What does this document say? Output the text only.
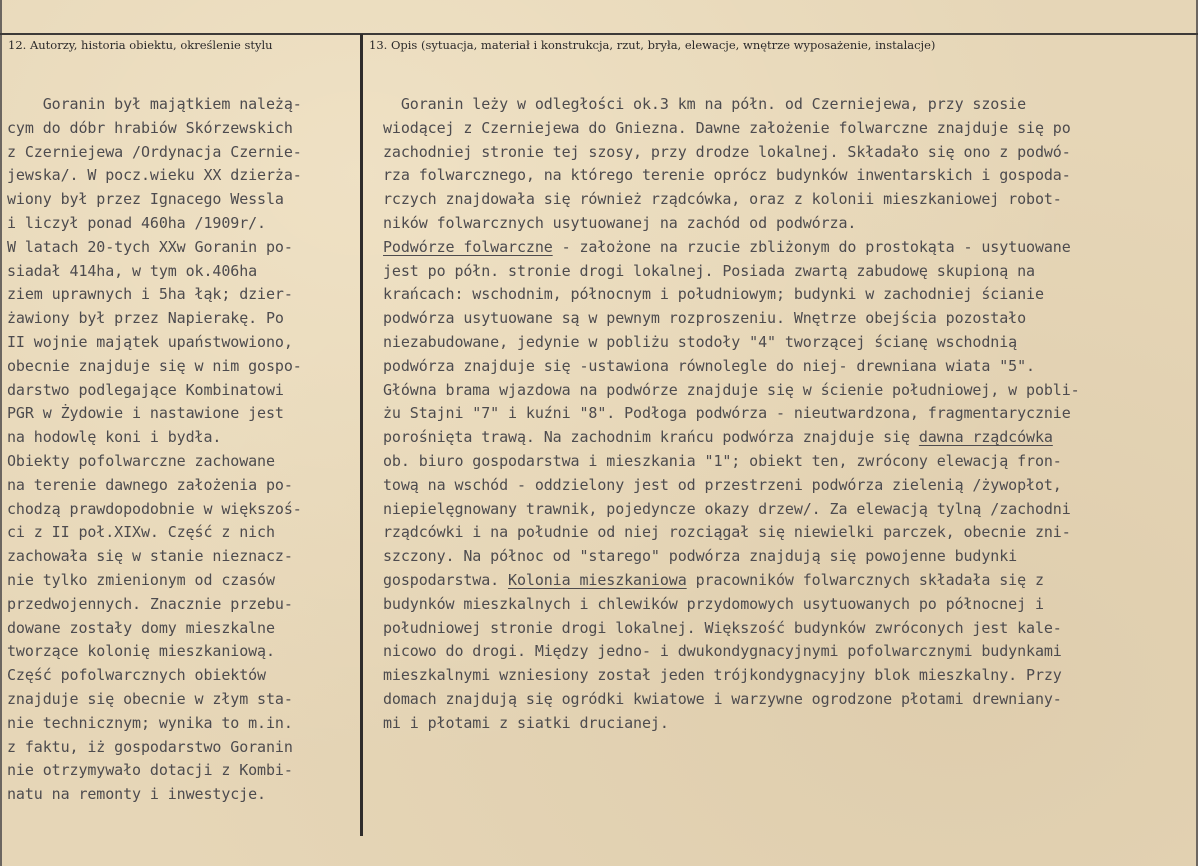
12. Autorzy, historia obiektu, określenie stylu	13. Opis (sytuacja, materiał i konstrukcja, rzut, bryła, elewacje, wnętrze wyposażenie, instalacje)
Goranin był majątkiem należą-
cym do dóbr hrabiów Skórzewskich
z Czerniejewa /Ordynacja Czernie-
jewska/. W pocz.wieku XX dzierża-
wiony był przez Ignacego Wessla
i liczył ponad 460ha /1909r/.
W latach 20-tych XXw Goranin po-
siadał 414ha, w tym ok.406ha
ziem uprawnych i 5ha łąk; dzier-
żawiony był przez Napierakę. Po
II wojnie majątek upaństwowiono,
obecnie znajduje się w nim gospo-
darstwo podlegające Kombinatowi
PGR w Żydowie i nastawione jest
na hodowlę koni i bydła.
Obiekty pofolwarczne zachowane
na terenie dawnego założenia po-
chodzą prawdopodobnie w większoś-
ci z II poł.XIXw. Część z nich
zachowała się w stanie nieznacz-
nie tylko zmienionym od czasów
przedwojennych. Znacznie przebu-
dowane zostały domy mieszkalne
tworzące kolonię mieszkaniową.
Część pofolwarcznych obiektów
znajduje się obecnie w złym sta-
nie technicznym; wynika to m.in.
z faktu, iż gospodarstwo Goranin
nie otrzymywało dotacji z Kombi-
natu na remonty i inwestycje.
Goranin leży w odległości ok.3 km na półn. od Czerniejewa, przy szosie
wiodącej z Czerniejewa do Gniezna. Dawne założenie folwarczne znajduje się po
zachodniej stronie tej szosy, przy drodze lokalnej. Składało się ono z podwó-
rza folwarcznego, na którego terenie oprócz budynków inwentarskich i gospoda-
rczych znajdowała się również rządcówka, oraz z kolonii mieszkaniowej robot-
ników folwarcznych usytuowanej na zachód od podwórza.
Podwórze folwarczne - założone na rzucie zbliżonym do prostokąta - usytuowane
jest po półn. stronie drogi lokalnej. Posiada zwartą zabudowę skupioną na
krańcach: wschodnim, północnym i południowym; budynki w zachodniej ścianie
podwórza usytuowane są w pewnym rozproszeniu. Wnętrze obejścia pozostało
niezabudowane, jedynie w pobliżu stodoły "4" tworzącej ścianę wschodnią
podwórza znajduje się -ustawiona równolegle do niej- drewniana wiata "5".
Główna brama wjazdowa na podwórze znajduje się w ścienie południowej, w pobli-
żu Stajni "7" i kuźni "8". Podłoga podwórza - nieutwardzona, fragmentarycznie
porośnięta trawą. Na zachodnim krańcu podwórza znajduje się dawna rządcówka
ob. biuro gospodarstwa i mieszkania "1"; obiekt ten, zwrócony elewacją fron-
tową na wschód - oddzielony jest od przestrzeni podwórza zielenią /żywopłot,
niepielęgnowany trawnik, pojedyncze okazy drzew/. Za elewacją tylną /zachodni
rządcówki i na południe od niej rozciągał się niewielki parczek, obecnie zni-
szczony. Na północ od "starego" podwórza znajdują się powojenne budynki
gospodarstwa. Kolonia mieszkaniowa pracowników folwarcznych składała się z
budynków mieszkalnych i chlewików przydomowych usytuowanych po północnej i
południowej stronie drogi lokalnej. Większość budynków zwróconych jest kale-
nicowo do drogi. Między jedno- i dwukondygnacyjnymi pofolwarcznymi budynkami
mieszkalnymi wzniesiony został jeden trójkondygnacyjny blok mieszkalny. Przy
domach znajdują się ogródki kwiatowe i warzywne ogrodzone płotami drewniany-
mi i płotami z siatki drucianej.
